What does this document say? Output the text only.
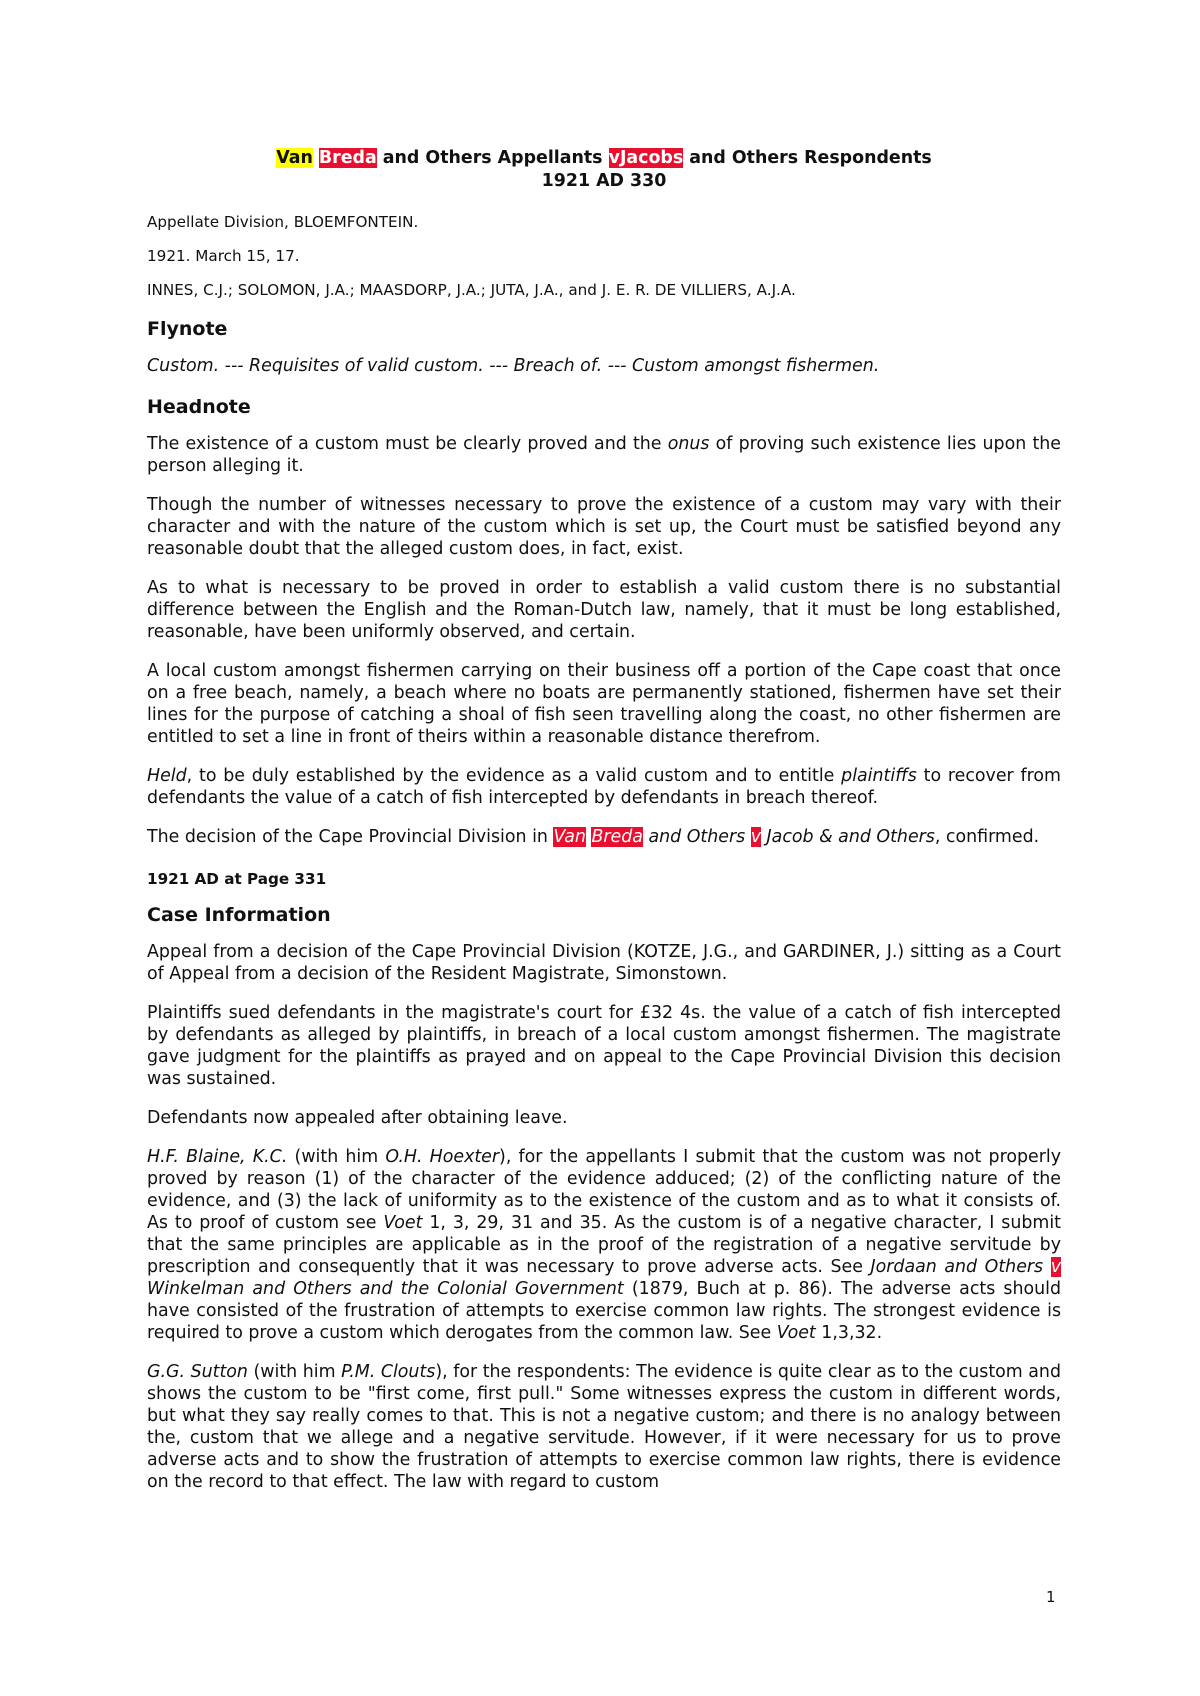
Van Breda and Others Appellants vJacobs and Others Respondents
1921 AD 330

Appellate Division, BLOEMFONTEIN.

1921. March 15, 17.

INNES, C.J.; SOLOMON, J.A.; MAASDORP, J.A.; JUTA, J.A., and J. E. R. DE VILLIERS, A.J.A.

Flynote

Custom. --- Requisites of valid custom. --- Breach of. --- Custom amongst fishermen.

Headnote

The existence of a custom must be clearly proved and the onus of proving such existence lies upon the person alleging it.

Though the number of witnesses necessary to prove the existence of a custom may vary with their character and with the nature of the custom which is set up, the Court must be satisfied beyond any reasonable doubt that the alleged custom does, in fact, exist.

As to what is necessary to be proved in order to establish a valid custom there is no substantial difference between the English and the Roman-Dutch law, namely, that it must be long established, reasonable, have been uniformly observed, and certain.

A local custom amongst fishermen carrying on their business off a portion of the Cape coast that once on a free beach, namely, a beach where no boats are permanently stationed, fishermen have set their lines for the purpose of catching a shoal of fish seen travelling along the coast, no other fishermen are entitled to set a line in front of theirs within a reasonable distance therefrom.

Held, to be duly established by the evidence as a valid custom and to entitle plaintiffs to recover from defendants the value of a catch of fish intercepted by defendants in breach thereof.

The decision of the Cape Provincial Division in Van Breda and Others v Jacob & and Others, confirmed.

1921 AD at Page 331

Case Information

Appeal from a decision of the Cape Provincial Division (KOTZE, J.G., and GARDINER, J.) sitting as a Court of Appeal from a decision of the Resident Magistrate, Simonstown.

Plaintiffs sued defendants in the magistrate's court for £32 4s. the value of a catch of fish intercepted by defendants as alleged by plaintiffs, in breach of a local custom amongst fishermen. The magistrate gave judgment for the plaintiffs as prayed and on appeal to the Cape Provincial Division this decision was sustained.

Defendants now appealed after obtaining leave.

H.F. Blaine, K.C. (with him O.H. Hoexter), for the appellants I submit that the custom was not properly proved by reason (1) of the character of the evidence adduced; (2) of the conflicting nature of the evidence, and (3) the lack of uniformity as to the existence of the custom and as to what it consists of. As to proof of custom see Voet 1, 3, 29, 31 and 35. As the custom is of a negative character, I submit that the same principles are applicable as in the proof of the registration of a negative servitude by prescription and consequently that it was necessary to prove adverse acts. See Jordaan and Others v Winkelman and Others and the Colonial Government (1879, Buch at p. 86). The adverse acts should have consisted of the frustration of attempts to exercise common law rights. The strongest evidence is required to prove a custom which derogates from the common law. See Voet 1,3,32.

G.G. Sutton (with him P.M. Clouts), for the respondents: The evidence is quite clear as to the custom and shows the custom to be "first come, first pull." Some witnesses express the custom in different words, but what they say really comes to that. This is not a negative custom; and there is no analogy between the, custom that we allege and a negative servitude. However, if it were necessary for us to prove adverse acts and to show the frustration of attempts to exercise common law rights, there is evidence on the record to that effect. The law with regard to custom

1
